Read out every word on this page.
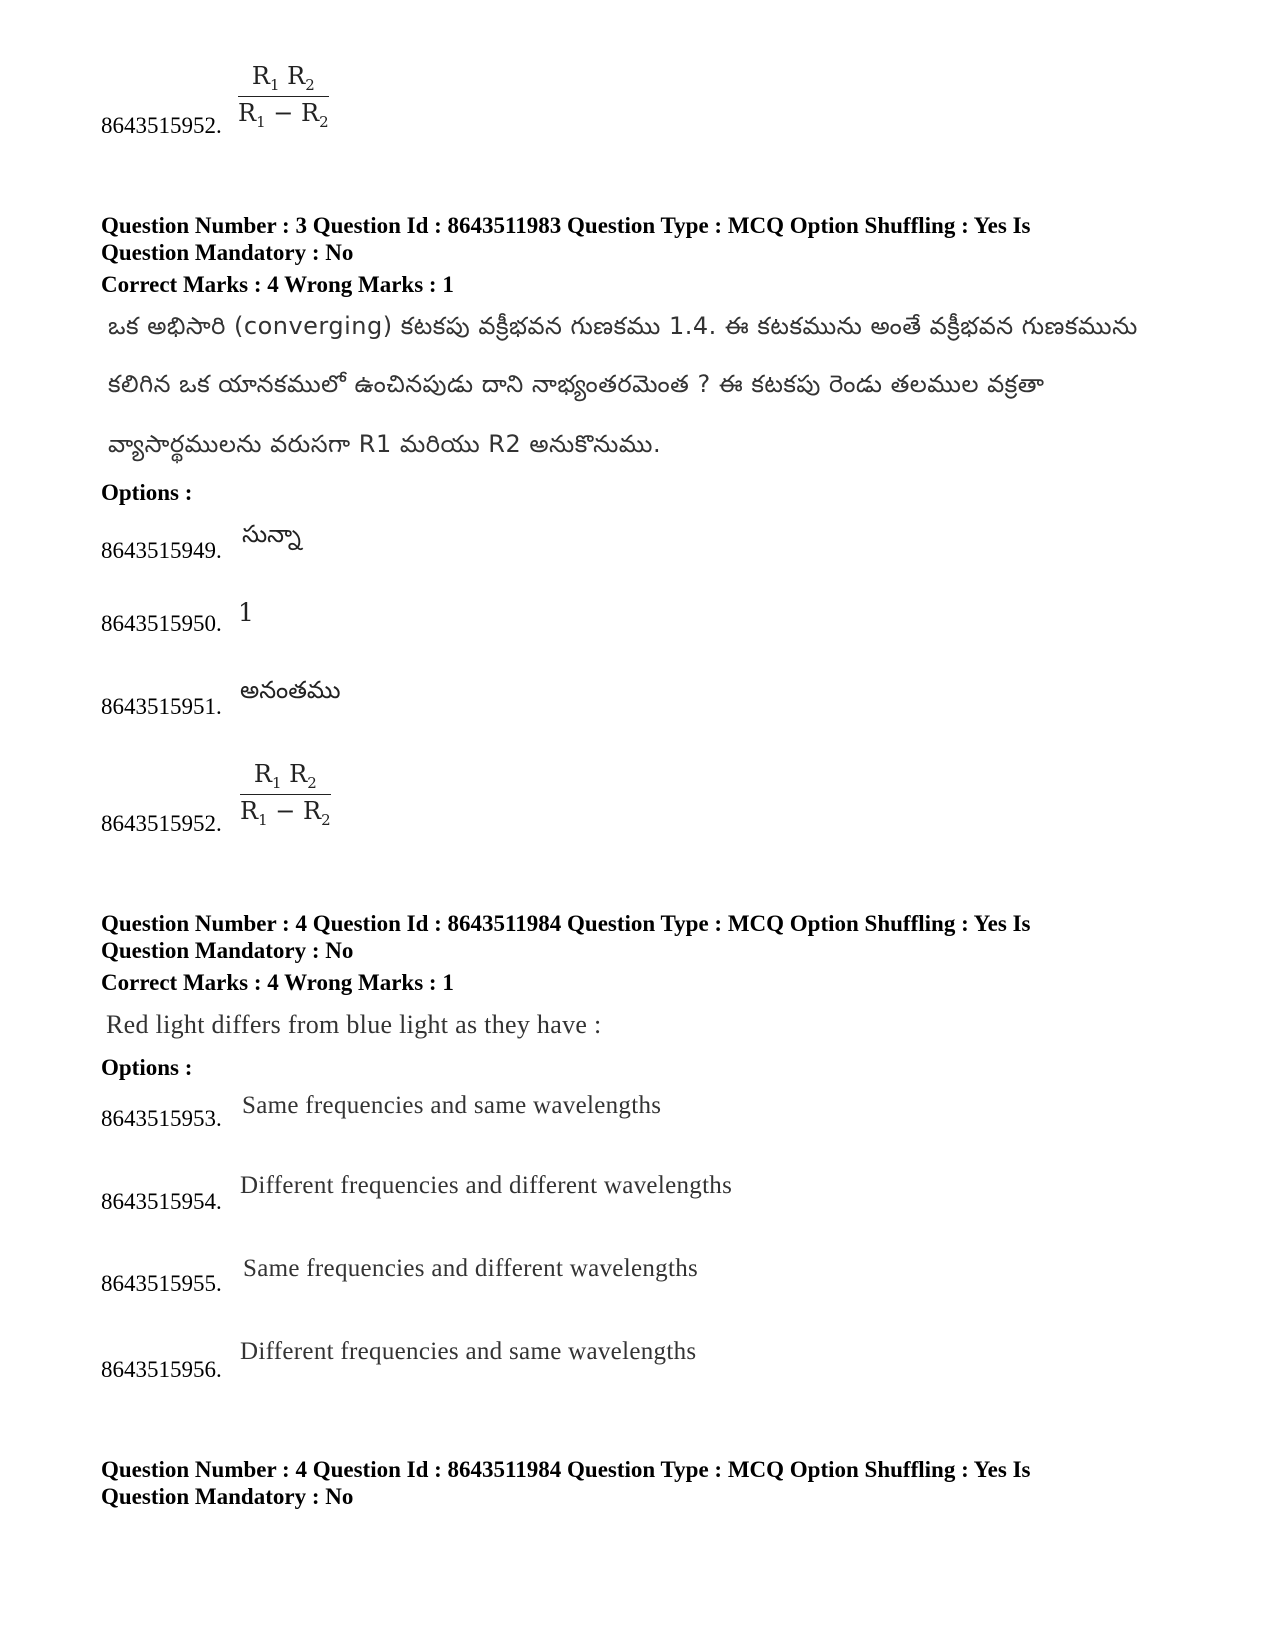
$\frac{R_1 R_2}{R_1 - R_2}$
8643515952.
Question Number : 3 Question Id : 8643511983 Question Type : MCQ Option Shuffling : Yes Is
Question Mandatory : No
Correct Marks : 4 Wrong Marks : 1
ఒక అభిసారి (converging) కటకపు వక్రీభవన గుణకము 1.4. ఈ కటకమును అంతే వక్రీభవన గుణకమును
కలిగిన ఒక యానకములో ఉంచినపుడు దాని నాభ్యంతరమెంత ? ఈ కటకపు రెండు తలముల వక్రతా
వ్యాసార్థములను వరుసగా R1 మరియు R2 అనుకొనుము.
Options :
సున్నా
8643515949.
1
8643515950.
అనంతము
8643515951.
$\frac{R_1 R_2}{R_1 - R_2}$
8643515952.
Question Number : 4 Question Id : 8643511984 Question Type : MCQ Option Shuffling : Yes Is
Question Mandatory : No
Correct Marks : 4 Wrong Marks : 1
Red light differs from blue light as they have :
Options :
Same frequencies and same wavelengths
8643515953.
Different frequencies and different wavelengths
8643515954.
Same frequencies and different wavelengths
8643515955.
Different frequencies and same wavelengths
8643515956.
Question Number : 4 Question Id : 8643511984 Question Type : MCQ Option Shuffling : Yes Is
Question Mandatory : No
